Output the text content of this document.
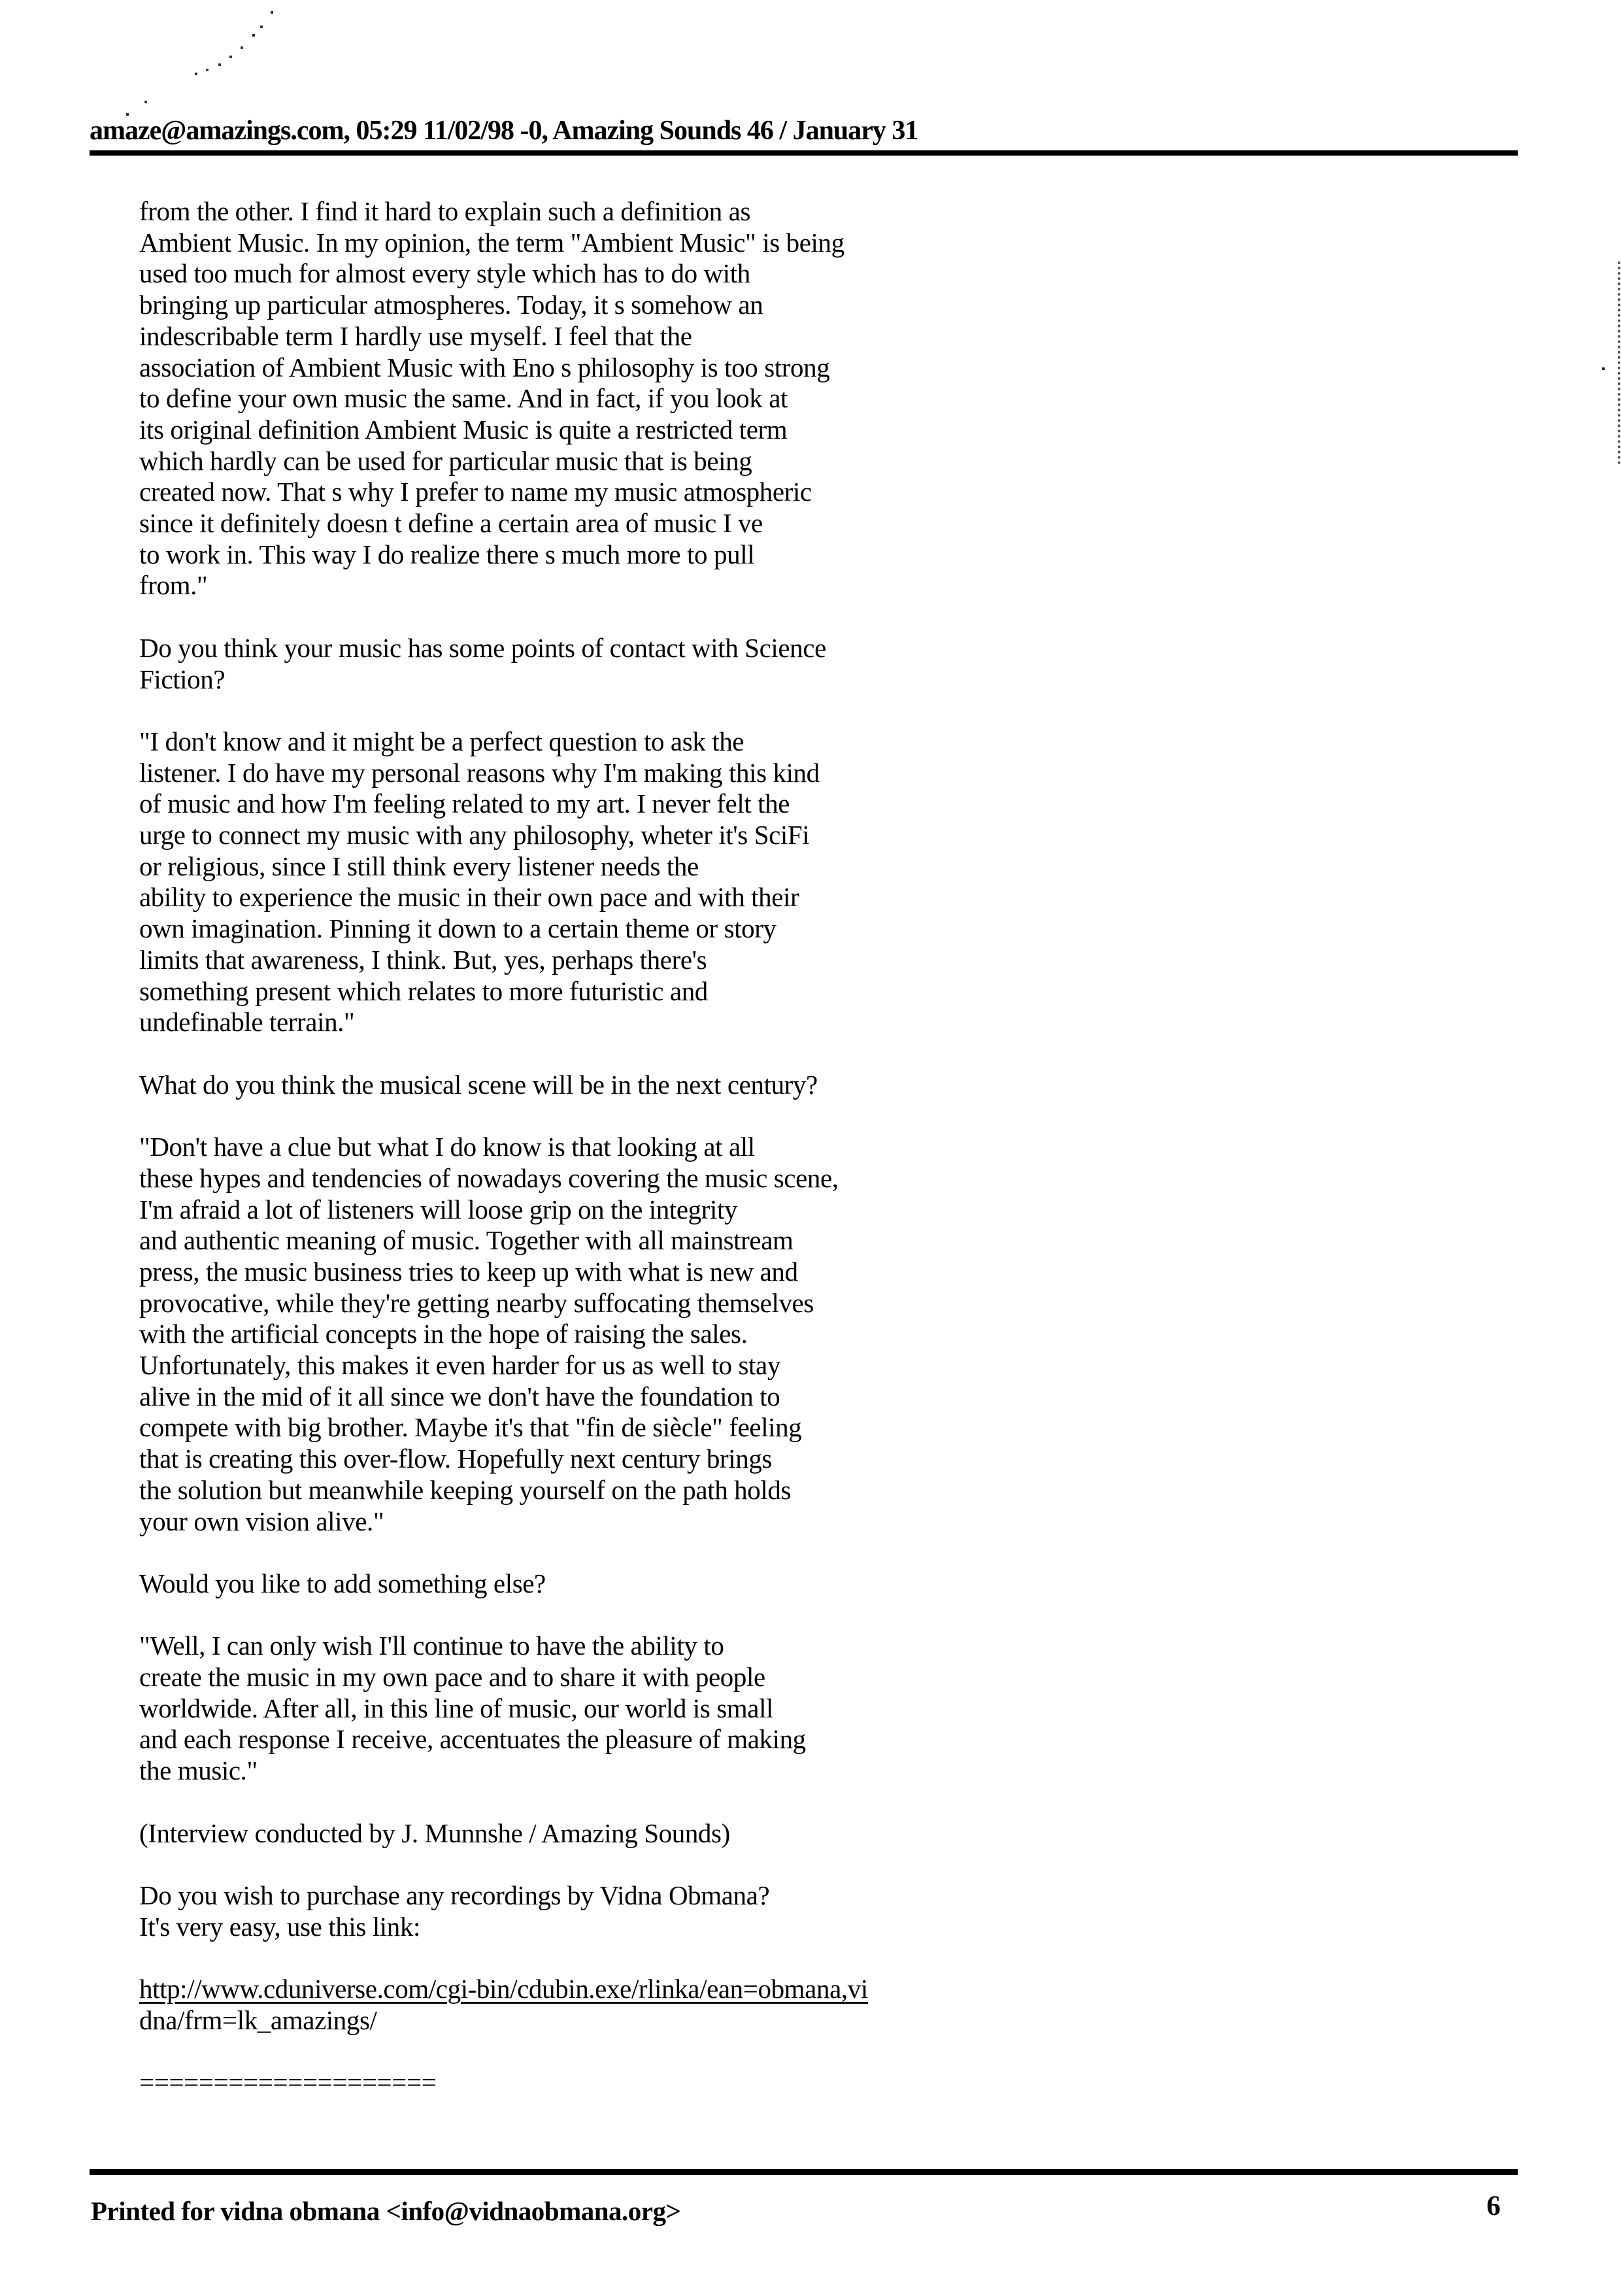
amaze@amazings.com, 05:29 11/02/98 -0, Amazing Sounds 46 / January 31
from the other. I find it hard to explain such a definition as
Ambient Music. In my opinion, the term "Ambient Music" is being
used too much for almost every style which has to do with
bringing up particular atmospheres. Today, it s somehow an
indescribable term I hardly use myself. I feel that the
association of Ambient Music with Eno s philosophy is too strong
to define your own music the same. And in fact, if you look at
its original definition Ambient Music is quite a restricted term
which hardly can be used for particular music that is being
created now. That s why I prefer to name my music atmospheric
since it definitely doesn t define a certain area of music I ve
to work in. This way I do realize there s much more to pull
from."

Do you think your music has some points of contact with Science
Fiction?

"I don't know and it might be a perfect question to ask the
listener. I do have my personal reasons why I'm making this kind
of music and how I'm feeling related to my art. I never felt the
urge to connect my music with any philosophy, wheter it's SciFi
or religious, since I still think every listener needs the
ability to experience the music in their own pace and with their
own imagination. Pinning it down to a certain theme or story
limits that awareness, I think. But, yes, perhaps there's
something present which relates to more futuristic and
undefinable terrain."

What do you think the musical scene will be in the next century?

"Don't have a clue but what I do know is that looking at all
these hypes and tendencies of nowadays covering the music scene,
I'm afraid a lot of listeners will loose grip on the integrity
and authentic meaning of music. Together with all mainstream
press, the music business tries to keep up with what is new and
provocative, while they're getting nearby suffocating themselves
with the artificial concepts in the hope of raising the sales.
Unfortunately, this makes it even harder for us as well to stay
alive in the mid of it all since we don't have the foundation to
compete with big brother. Maybe it's that "fin de siècle" feeling
that is creating this over-flow. Hopefully next century brings
the solution but meanwhile keeping yourself on the path holds
your own vision alive."

Would you like to add something else?

"Well, I can only wish I'll continue to have the ability to
create the music in my own pace and to share it with people
worldwide. After all, in this line of music, our world is small
and each response I receive, accentuates the pleasure of making
the music."

(Interview conducted by J. Munnshe / Amazing Sounds)

Do you wish to purchase any recordings by Vidna Obmana?
It's very easy, use this link:

http://www.cduniverse.com/cgi-bin/cdubin.exe/rlinka/ean=obmana,vi
dna/frm=lk_amazings/

====================
Printed for vidna obmana <info@vidnaobmana.org>	6
